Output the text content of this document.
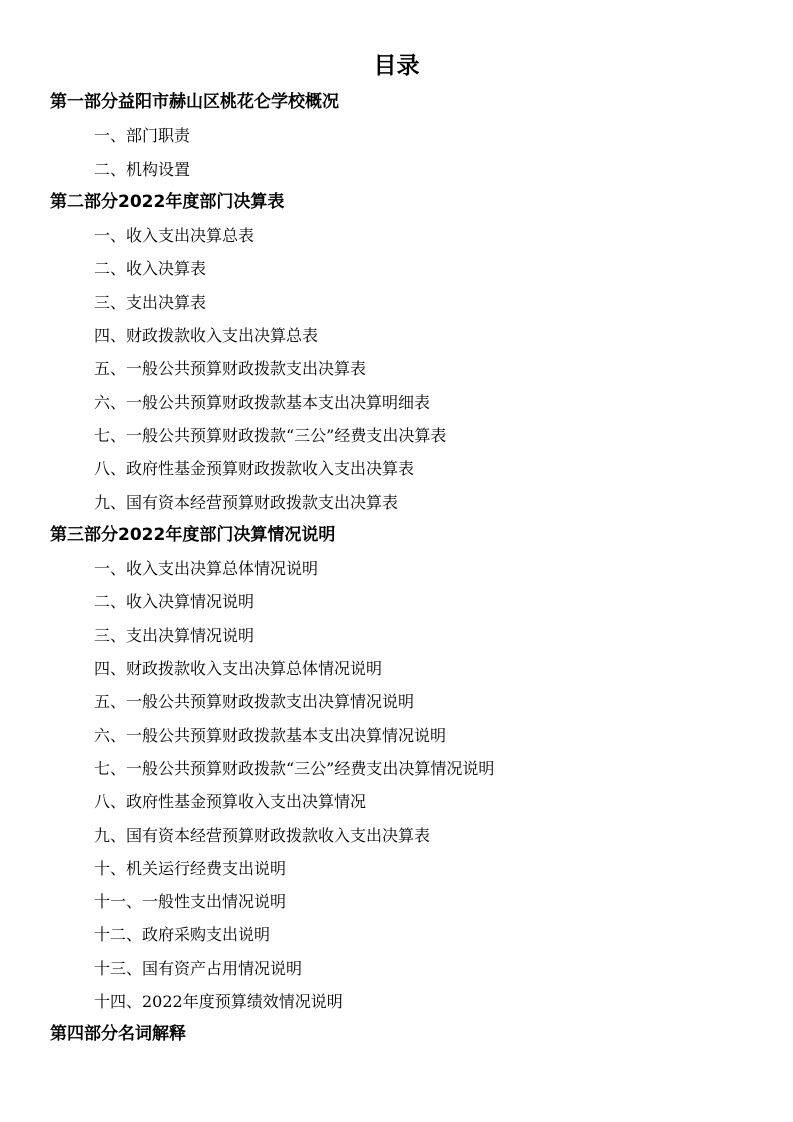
目录
第一部分益阳市赫山区桃花仑学校概况
一、部门职责
二、机构设置
第二部分2022年度部门决算表
一、收入支出决算总表
二、收入决算表
三、支出决算表
四、财政拨款收入支出决算总表
五、一般公共预算财政拨款支出决算表
六、一般公共预算财政拨款基本支出决算明细表
七、一般公共预算财政拨款“三公”经费支出决算表
八、政府性基金预算财政拨款收入支出决算表
九、国有资本经营预算财政拨款支出决算表
第三部分2022年度部门决算情况说明
一、收入支出决算总体情况说明
二、收入决算情况说明
三、支出决算情况说明
四、财政拨款收入支出决算总体情况说明
五、一般公共预算财政拨款支出决算情况说明
六、一般公共预算财政拨款基本支出决算情况说明
七、一般公共预算财政拨款“三公”经费支出决算情况说明
八、政府性基金预算收入支出决算情况
九、国有资本经营预算财政拨款收入支出决算表
十、机关运行经费支出说明
十一、一般性支出情况说明
十二、政府采购支出说明
十三、国有资产占用情况说明
十四、2022年度预算绩效情况说明
第四部分名词解释
